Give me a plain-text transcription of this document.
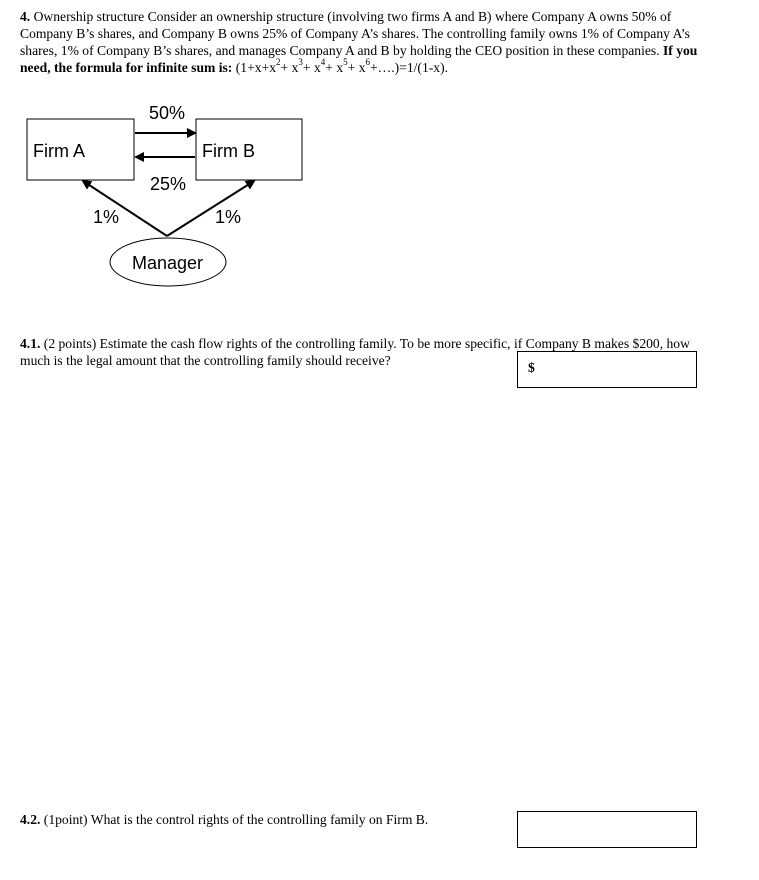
4. Ownership structure Consider an ownership structure (involving two firms A and B) where Company A owns 50% of Company B’s shares, and Company B owns 25% of Company A’s shares. The controlling family owns 1% of Company A’s shares, 1% of Company B’s shares, and manages Company A and B by holding the CEO position in these companies. If you need, the formula for infinite sum is: ($1+x+x^2+ x^3+ x^4+ x^5+$ $x^6+\dots.)=1/(1-x)$.
Firm A	Firm B
50%
25%
1%	1%
Manager
4.1. (2 points) Estimate the cash flow rights of the controlling family. To be more specific, if Company B makes $200, how much is the legal amount that the controlling family should receive?	$
4.2. (1point) What is the control rights of the controlling family on Firm B.
